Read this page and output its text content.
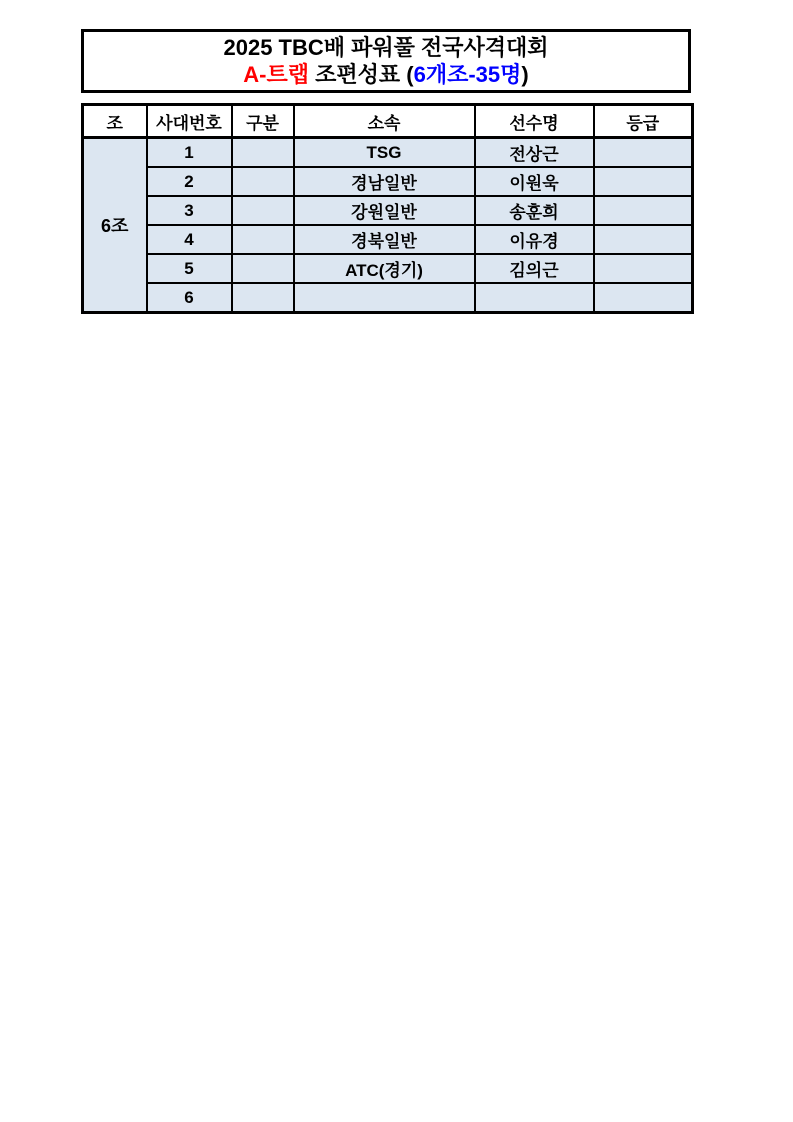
2025 TBC배 파워풀 전국사격대회
A-트랩 조편성표 (6개조-35명)
조	사대번호	구분	소속	선수명	등급
6조	1		TSG	전상근	
	2		경남일반	이원욱	
	3		강원일반	송훈희	
	4		경북일반	이유경	
	5		ATC(경기)	김의근	
	6				
